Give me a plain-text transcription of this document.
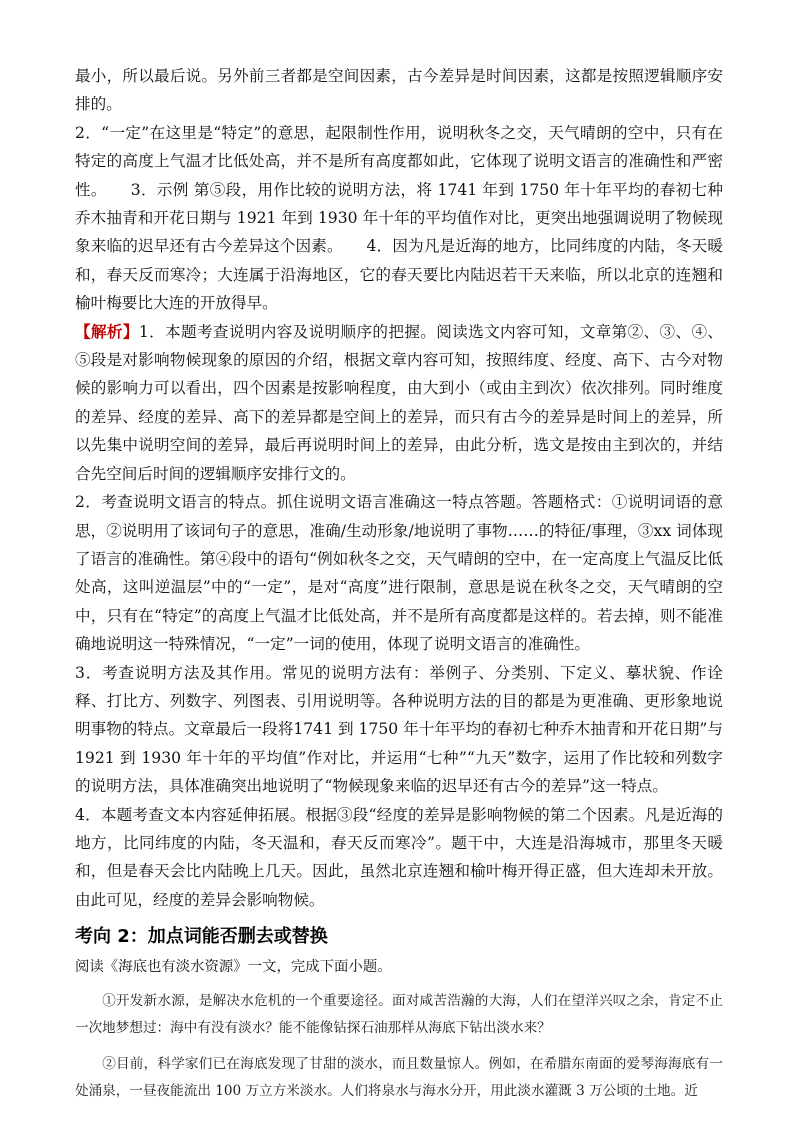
最小，所以最后说。另外前三者都是空间因素，古今差异是时间因素，这都是按照逻辑顺序安排的。

2．“一定”在这里是“特定”的意思，起限制性作用，说明秋冬之交，天气晴朗的空中，只有在特定的高度上气温才比低处高，并不是所有高度都如此，它体现了说明文语言的准确性和严密性。　　3．示例 第⑤段，用作比较的说明方法，将 1741 年到 1750 年十年平均的春初七种乔木抽青和开花日期与 1921 年到 1930 年十年的平均值作对比，更突出地强调说明了物候现象来临的迟早还有古今差异这个因素。　　4．因为凡是近海的地方，比同纬度的内陆，冬天暖和，春天反而寒冷；大连属于沿海地区，它的春天要比内陆迟若干天来临，所以北京的连翘和榆叶梅要比大连的开放得早。

【解析】1．本题考查说明内容及说明顺序的把握。阅读选文内容可知，文章第②、③、④、⑤段是对影响物候现象的原因的介绍，根据文章内容可知，按照纬度、经度、高下、古今对物候的影响力可以看出，四个因素是按影响程度，由大到小（或由主到次）依次排列。同时维度的差异、经度的差异、高下的差异都是空间上的差异，而只有古今的差异是时间上的差异，所以先集中说明空间的差异，最后再说明时间上的差异，由此分析，选文是按由主到次的，并结合先空间后时间的逻辑顺序安排行文的。

2．考查说明文语言的特点。抓住说明文语言准确这一特点答题。答题格式：①说明词语的意思，②说明用了该词句子的意思，准确/生动形象/地说明了事物……的特征/事理，③xx 词体现了语言的准确性。第④段中的语句“例如秋冬之交，天气晴朗的空中，在一定高度上气温反比低处高，这叫逆温层”中的“一定”，是对“高度”进行限制，意思是说在秋冬之交，天气晴朗的空中，只有在“特定”的高度上气温才比低处高，并不是所有高度都是这样的。若去掉，则不能准确地说明这一特殊情况，“一定”一词的使用，体现了说明文语言的准确性。

3．考查说明方法及其作用。常见的说明方法有：举例子、分类别、下定义、摹状貌、作诠释、打比方、列数字、列图表、引用说明等。各种说明方法的目的都是为更准确、更形象地说明事物的特点。文章最后一段将1741 到 1750 年十年平均的春初七种乔木抽青和开花日期”与1921 到 1930 年十年的平均值”作对比，并运用“七种”“九天”数字，运用了作比较和列数字的说明方法，具体准确突出地说明了“物候现象来临的迟早还有古今的差异”这一特点。

4．本题考查文本内容延伸拓展。根据③段“经度的差异是影响物候的第二个因素。凡是近海的地方，比同纬度的内陆，冬天温和，春天反而寒冷”。题干中，大连是沿海城市，那里冬天暖和，但是春天会比内陆晚上几天。因此，虽然北京连翘和榆叶梅开得正盛，但大连却未开放。由此可见，经度的差异会影响物候。

考向 2：加点词能否删去或替换

阅读《海底也有淡水资源》一文，完成下面小题。

①开发新水源，是解决水危机的一个重要途径。面对咸苦浩瀚的大海，人们在望洋兴叹之余，肯定不止一次地梦想过：海中有没有淡水？能不能像钻探石油那样从海底下钻出淡水来？

②目前，科学家们已在海底发现了甘甜的淡水，而且数量惊人。例如，在希腊东南面的爱琴海海底有一处涌泉，一昼夜能流出 100 万立方米淡水。人们将泉水与海水分开，用此淡水灌溉 3 万公顷的土地。近
